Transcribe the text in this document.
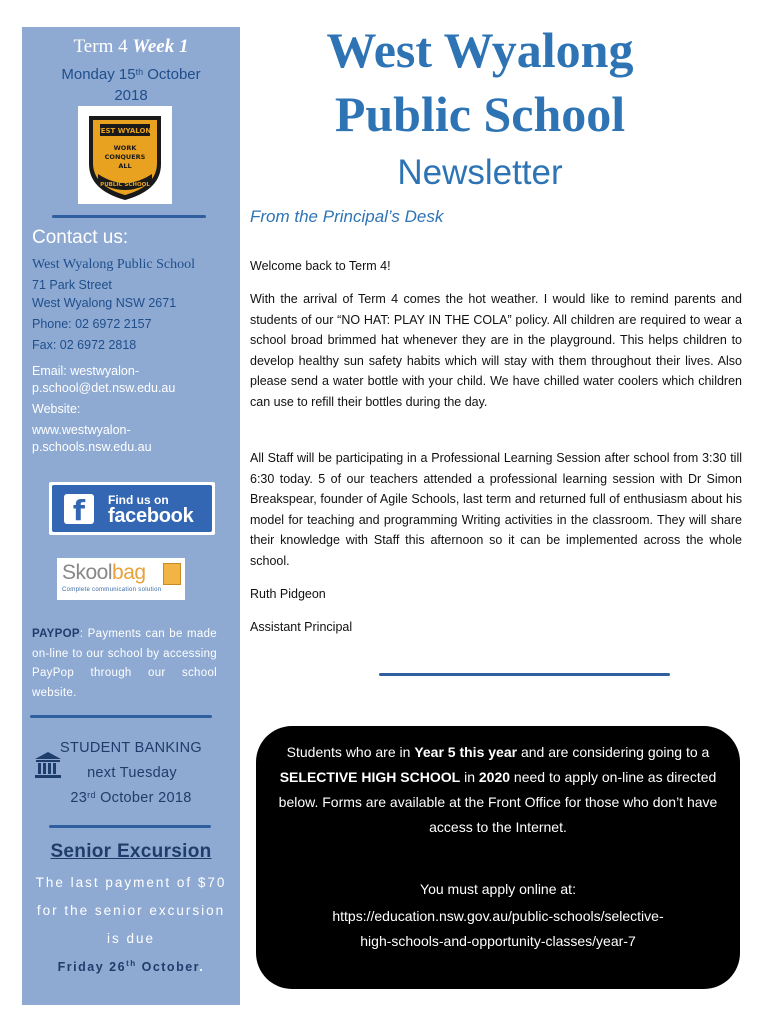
Term 4 Week 1
Monday 15th October
2018
WEST WYALONG
WORK
CONQUERS
ALL
PUBLIC SCHOOL
Contact us:
West Wyalong Public School
71 Park Street
West Wyalong NSW 2671
Phone: 02 6972 2157
Fax: 02 6972 2818
Email: westwyalon-
p.school@det.nsw.edu.au
Website:
www.westwyalon-
p.schools.nsw.edu.au
f	Find us on
facebook
Skoolbag
Complete communication solution
PAYPOP: Payments can be made on-line to our school by accessing PayPop through our school website.
STUDENT BANKING
next Tuesday
23rd October 2018
Senior Excursion
The last payment of $70
for the senior excursion
is due
Friday 26th October.
West Wyalong
Public School
Newsletter
From the Principal’s Desk

Welcome back to Term 4!

With the arrival of Term 4 comes the hot weather. I would like to remind parents and students of our “NO HAT: PLAY IN THE COLA” policy. All children are required to wear a school broad brimmed hat whenever they are in the playground. This helps children to develop healthy sun safety habits which will stay with them throughout their lives. Also please send a water bottle with your child. We have chilled water coolers which children can use to refill their bottles during the day.

All Staff will be participating in a Professional Learning Session after school from 3:30 till 6:30 today. 5 of our teachers attended a professional learning session with Dr Simon Breakspear, founder of Agile Schools, last term and returned full of enthusiasm about his model for teaching and programming Writing activities in the classroom. They will share their knowledge with Staff this afternoon so it can be implemented across the whole school.

Ruth Pidgeon

Assistant Principal

Students who are in Year 5 this year and are considering going to a SELECTIVE HIGH SCHOOL in 2020 need to apply on-line as directed below. Forms are available at the Front Office for those who don’t have access to the Internet.
You must apply online at:
https://education.nsw.gov.au/public-schools/selective-
high-schools-and-opportunity-classes/year-7
